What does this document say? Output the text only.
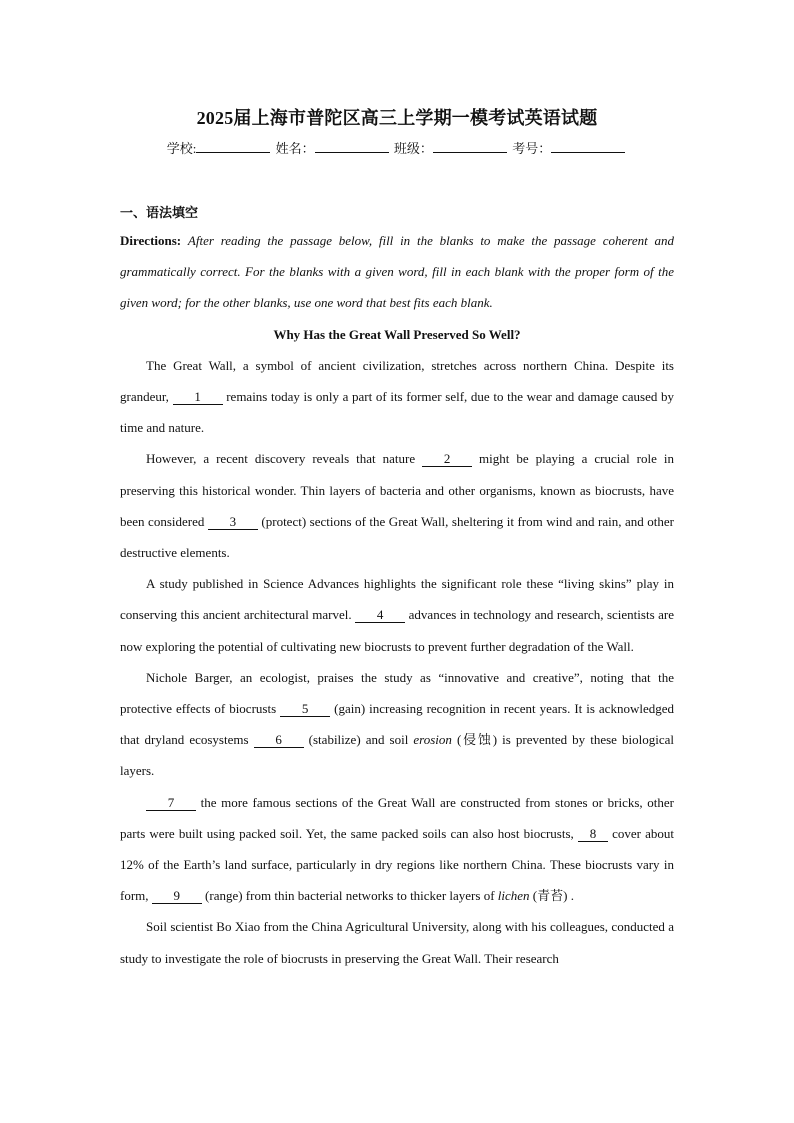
2025届上海市普陀区高三上学期一模考试英语试题
学校:	姓名：	班级：	考号：
一、语法填空

Directions: After reading the passage below, fill in the blanks to make the passage coherent and grammatically correct. For the blanks with a given word, fill in each blank with the proper form of the given word; for the other blanks, use one word that best fits each blank.

Why Has the Great Wall Preserved So Well?

The Great Wall, a symbol of ancient civilization, stretches across northern China. Despite its grandeur, 1 remains today is only a part of its former self, due to the wear and damage caused by time and nature.

However, a recent discovery reveals that nature 2 might be playing a crucial role in preserving this historical wonder. Thin layers of bacteria and other organisms, known as biocrusts, have been considered 3 (protect) sections of the Great Wall, sheltering it from wind and rain, and other destructive elements.

A study published in Science Advances highlights the significant role these “living skins” play in conserving this ancient architectural marvel. 4 advances in technology and research, scientists are now exploring the potential of cultivating new biocrusts to prevent further degradation of the Wall.

Nichole Barger, an ecologist, praises the study as “innovative and creative”, noting that the protective effects of biocrusts 5 (gain) increasing recognition in recent years. It is acknowledged that dryland ecosystems 6 (stabilize) and soil erosion (侵蚀) is prevented by these biological layers.

7 the more famous sections of the Great Wall are constructed from stones or bricks, other parts were built using packed soil. Yet, the same packed soils can also host biocrusts, 8 cover about 12% of the Earth’s land surface, particularly in dry regions like northern China. These biocrusts vary in form, 9 (range) from thin bacterial networks to thicker layers of lichen (青苔) .

Soil scientist Bo Xiao from the China Agricultural University, along with his colleagues, conducted a study to investigate the role of biocrusts in preserving the Great Wall. Their research
